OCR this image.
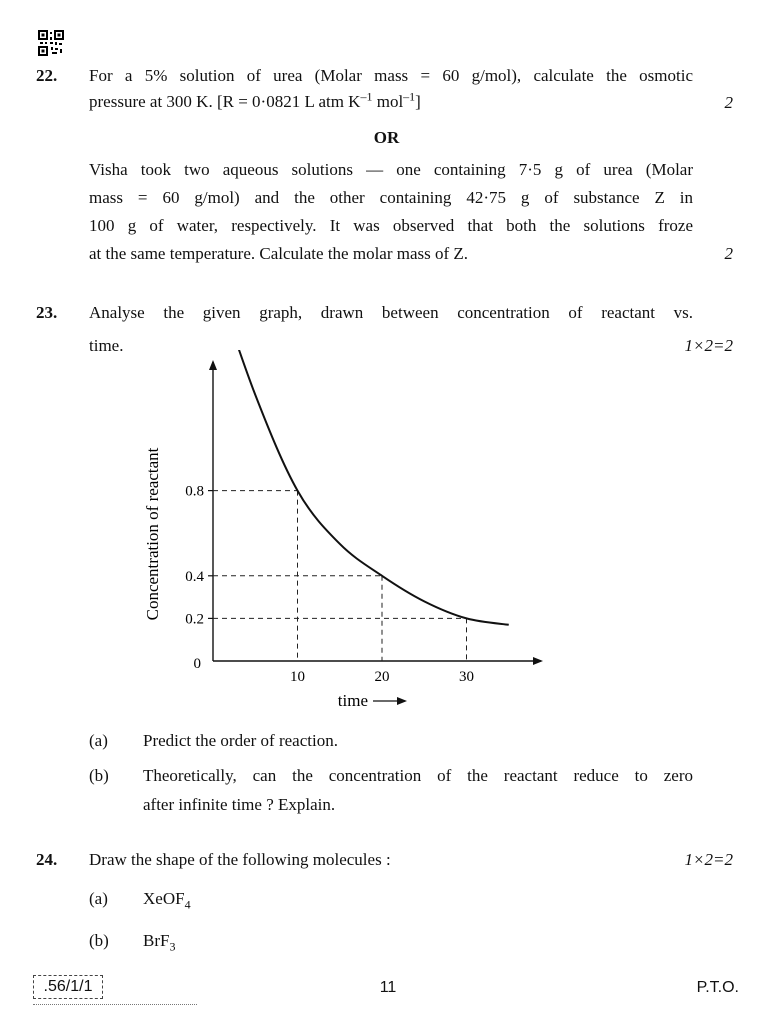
22. For a 5% solution of urea (Molar mass = 60 g/mol), calculate the osmotic
pressure at 300 K. [R = 0·0821 L atm $K^{-1}$ mol$^{-1}$]	2
OR
Visha took two aqueous solutions — one containing 7·5 g of urea (Molar
mass = 60 g/mol) and the other containing 42·75 g of substance Z in
100 g of water, respectively. It was observed that both the solutions froze
at the same temperature. Calculate the molar mass of Z.	2
23. Analyse the given graph, drawn between concentration of reactant vs.
time.	1×2=2
0.2
0.4
0.8
10	20	30
0
time
Concentration of reactant
(a) Predict the order of reaction.
(b) Theoretically, can the concentration of the reactant reduce to zero
after infinite time ? Explain.
24. Draw the shape of the following molecules :	1×2=2
(a) XeOF$_4$
(b) BrF$_3$
.56/1/1	11	P.T.O.
